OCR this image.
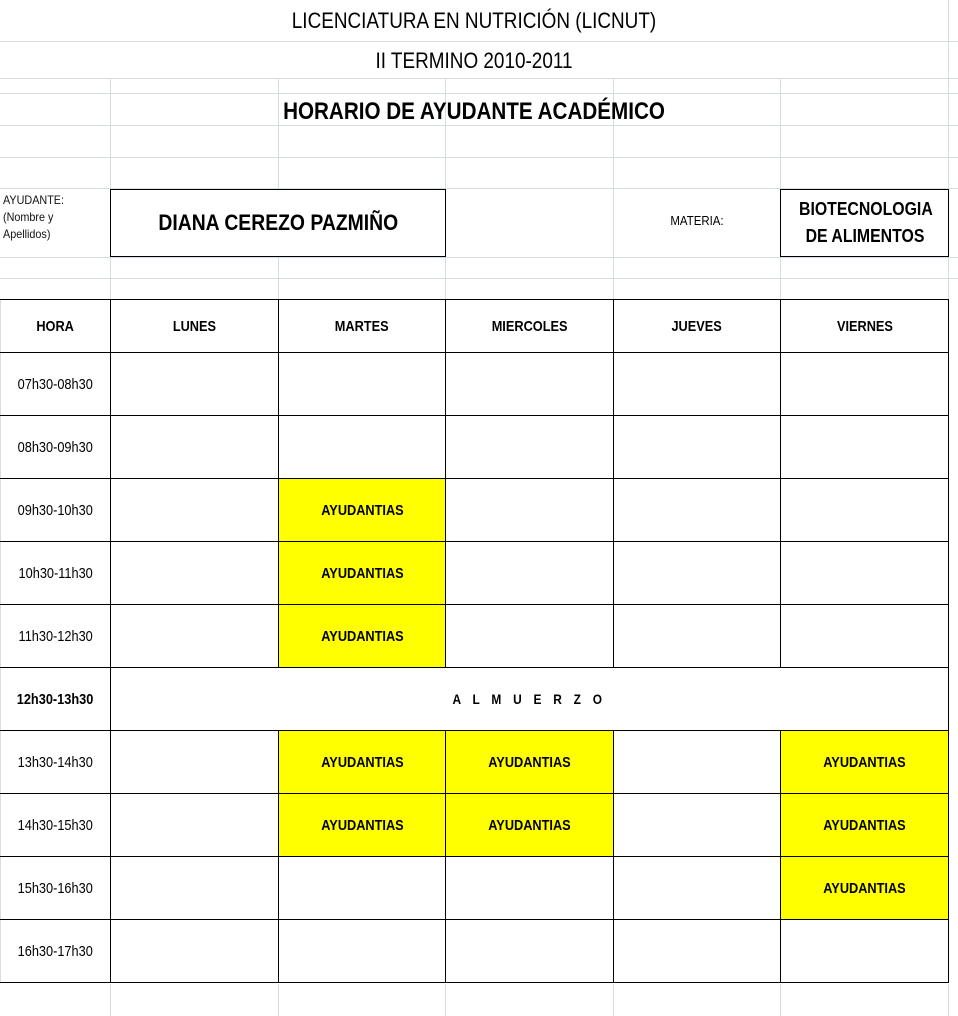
LICENCIATURA EN NUTRICIÓN (LICNUT)
II TERMINO 2010-2011
HORARIO DE AYUDANTE ACADÉMICO
AYUDANTE: (Nombre y Apellidos)	DIANA CEREZO PAZMIÑO	MATERIA:
BIOTECNOLOGIA DE ALIMENTOS
HORA	LUNES	MARTES	MIERCOLES	JUEVES	VIERNES
07h30-08h30					
08h30-09h30					
09h30-10h30		AYUDANTIAS			
10h30-11h30		AYUDANTIAS			
11h30-12h30		AYUDANTIAS			
12h30-13h30	A L M U E R Z O				
13h30-14h30		AYUDANTIAS	AYUDANTIAS		AYUDANTIAS
14h30-15h30		AYUDANTIAS	AYUDANTIAS		AYUDANTIAS
15h30-16h30					AYUDANTIAS
16h30-17h30					
